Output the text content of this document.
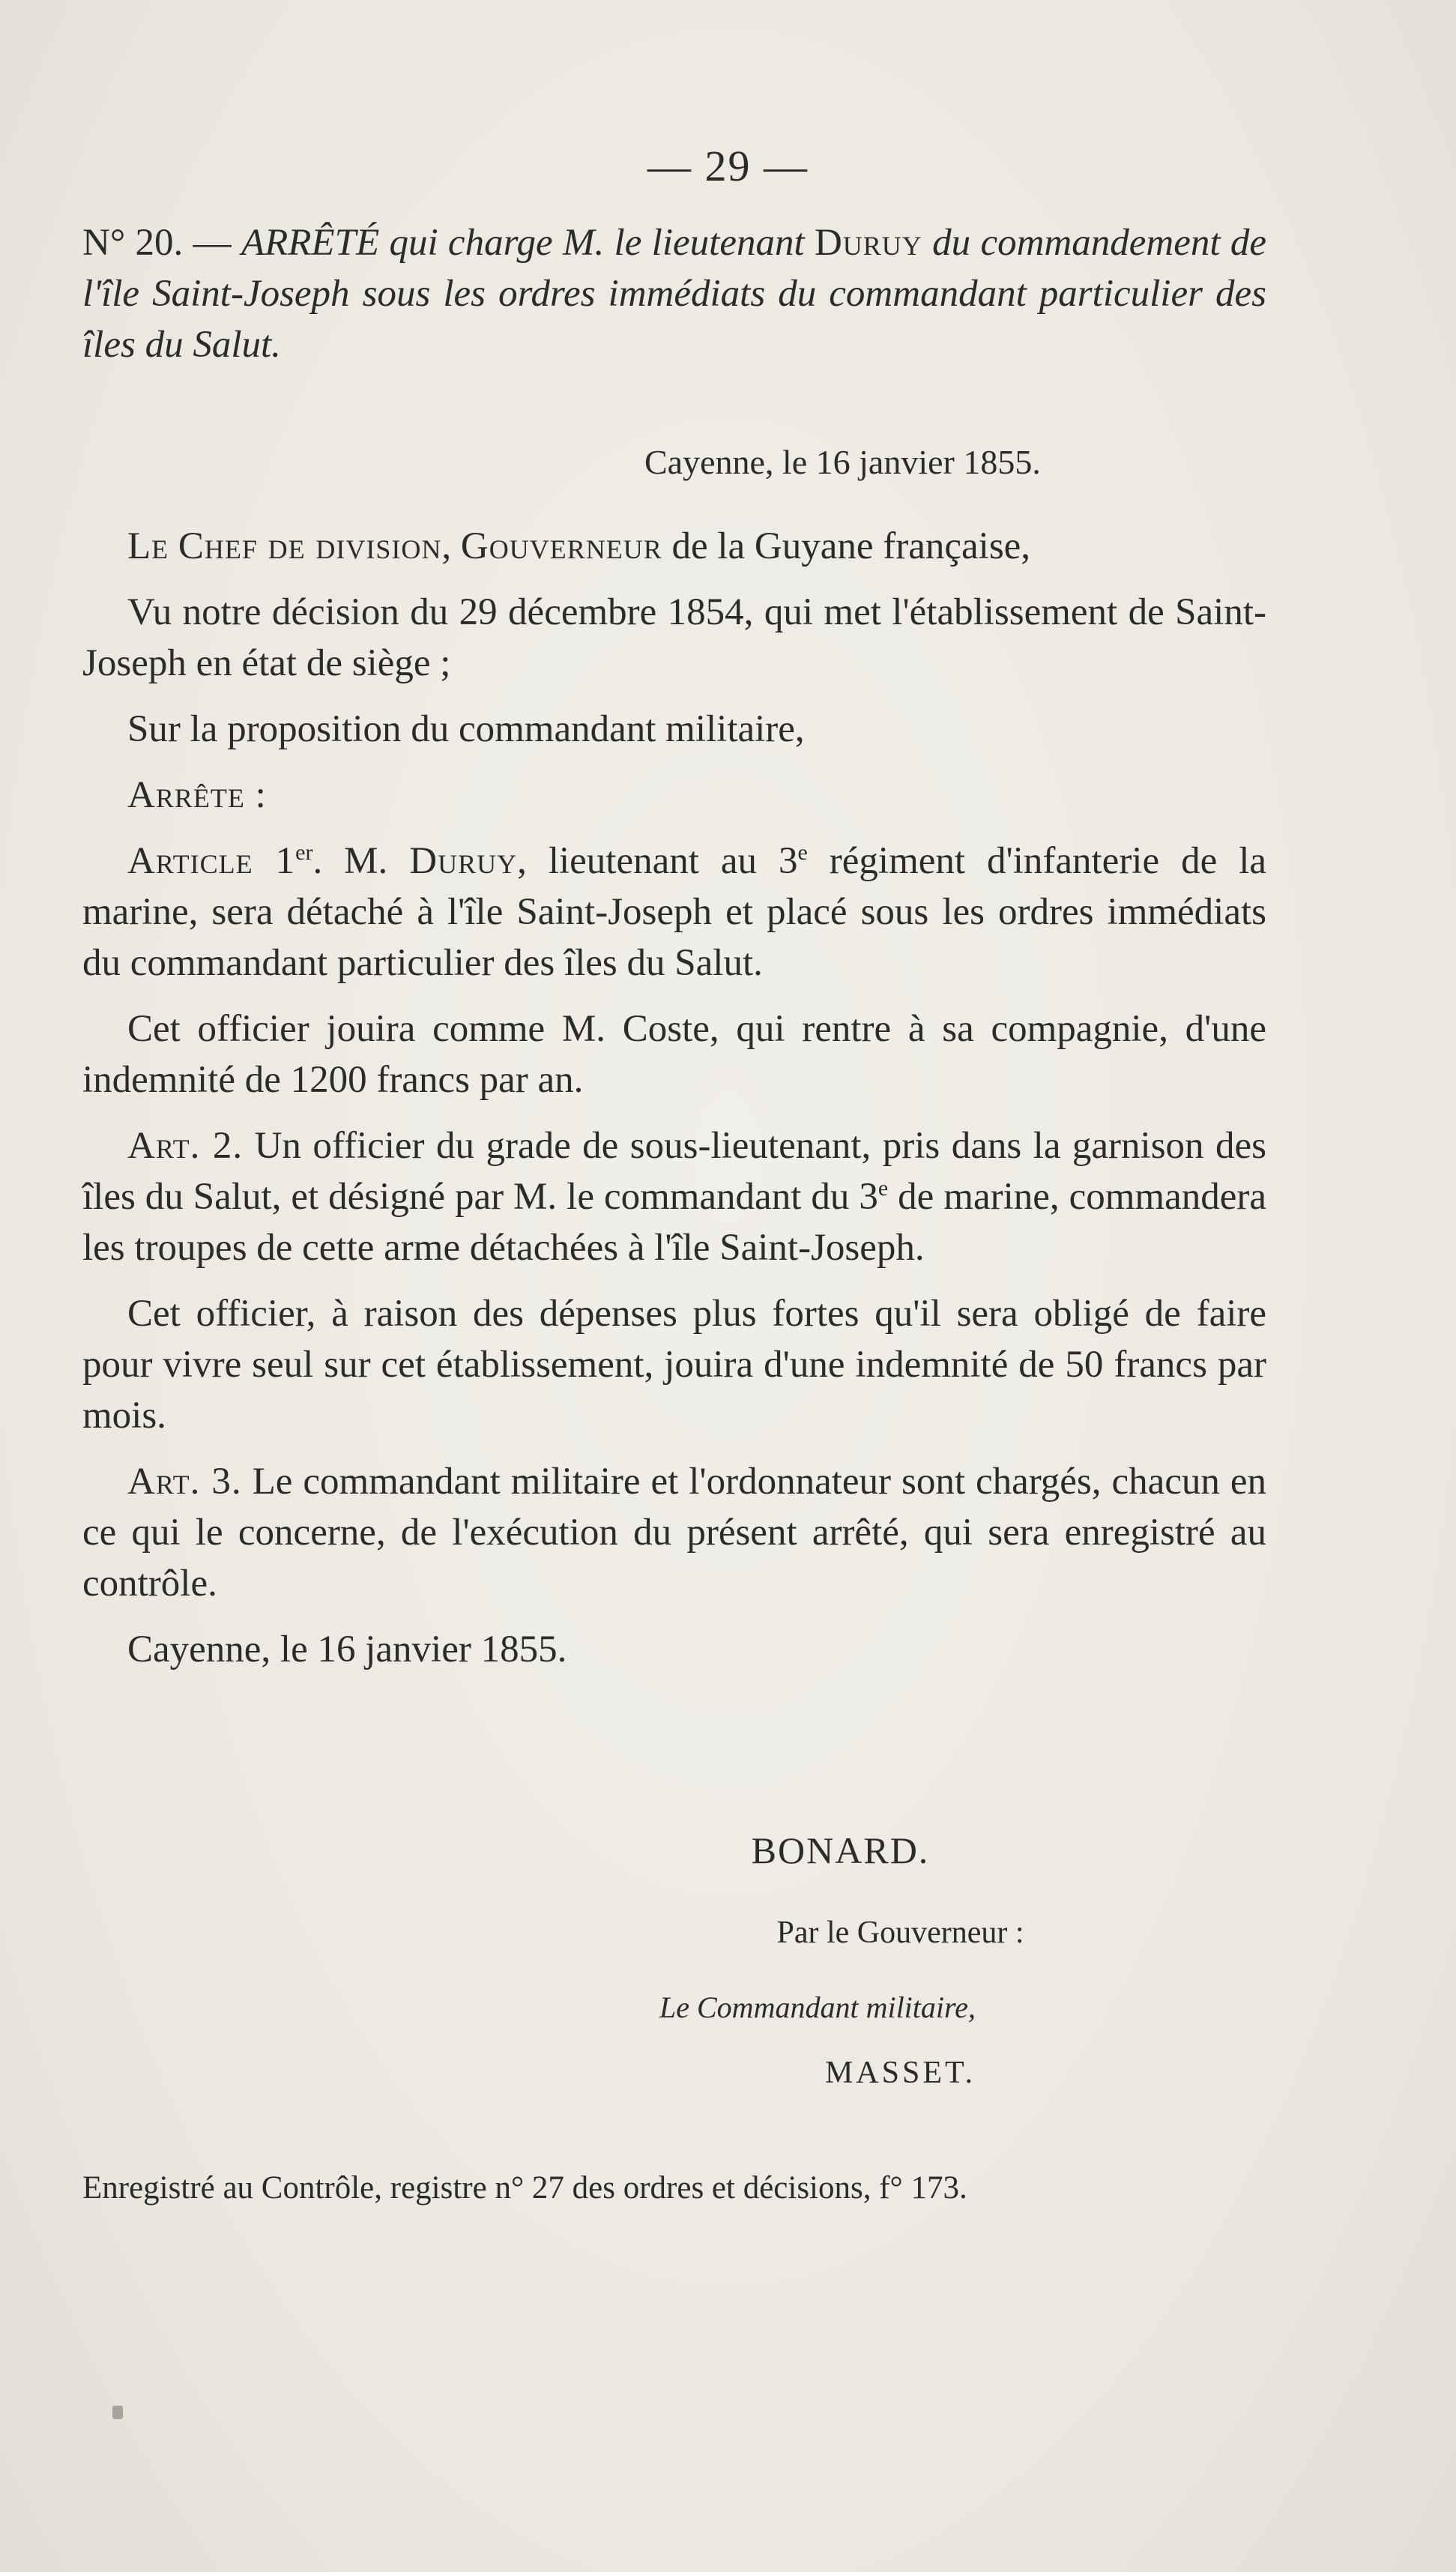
— 29 —

N° 20. — ARRÊTÉ qui charge M. le lieutenant Duruy du commandement de l'île Saint-Joseph sous les ordres immédiats du commandant particulier des îles du Salut.

Cayenne, le 16 janvier 1855.

Le Chef de division, Gouverneur de la Guyane française,

Vu notre décision du 29 décembre 1854, qui met l'établissement de Saint-Joseph en état de siège ;

Sur la proposition du commandant militaire,

Arrête :

Article 1er. M. Duruy, lieutenant au 3e régiment d'infanterie de la marine, sera détaché à l'île Saint-Joseph et placé sous les ordres immédiats du commandant particulier des îles du Salut.

Cet officier jouira comme M. Coste, qui rentre à sa compagnie, d'une indemnité de 1200 francs par an.

Art. 2. Un officier du grade de sous-lieutenant, pris dans la garnison des îles du Salut, et désigné par M. le commandant du 3e de marine, commandera les troupes de cette arme détachées à l'île Saint-Joseph.

Cet officier, à raison des dépenses plus fortes qu'il sera obligé de faire pour vivre seul sur cet établissement, jouira d'une indemnité de 50 francs par mois.

Art. 3. Le commandant militaire et l'ordonnateur sont chargés, chacun en ce qui le concerne, de l'exécution du présent arrêté, qui sera enregistré au contrôle.

Cayenne, le 16 janvier 1855.

BONARD.
Par le Gouverneur :
Le Commandant militaire,
MASSET.
Enregistré au Contrôle, registre n° 27 des ordres et décisions, f° 173.
